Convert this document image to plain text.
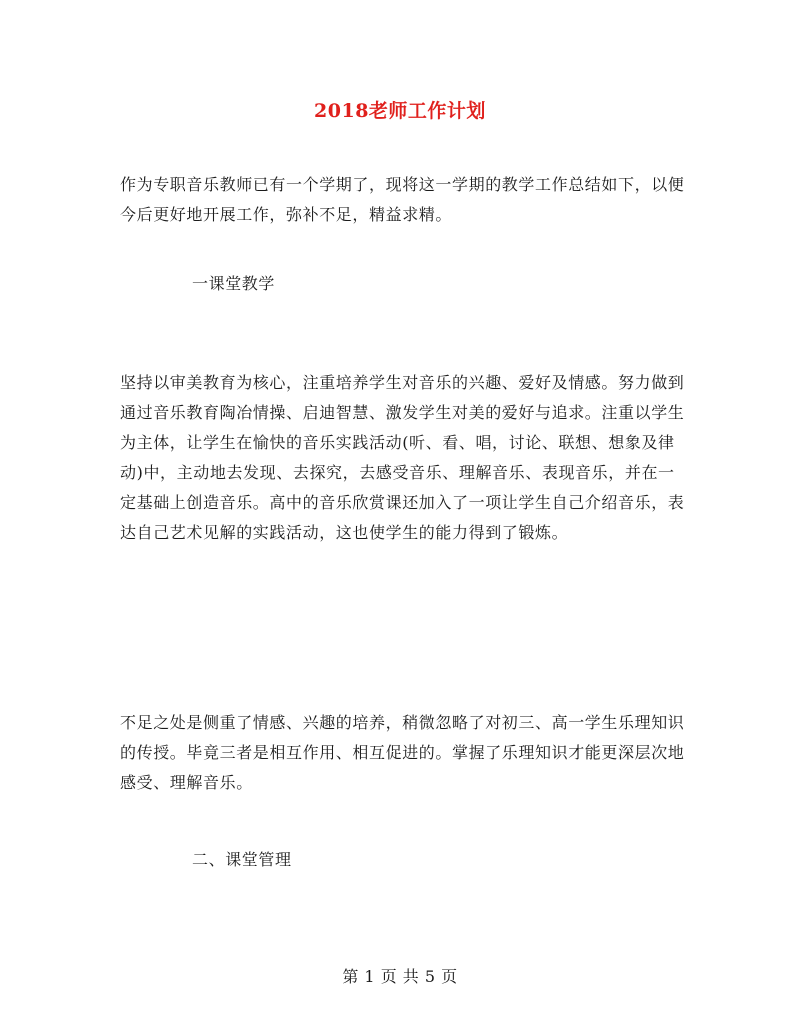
2018老师工作计划

作为专职音乐教师已有一个学期了，现将这一学期的教学工作总结如下，以便今后更好地开展工作，弥补不足，精益求精。

一课堂教学

坚持以审美教育为核心，注重培养学生对音乐的兴趣、爱好及情感。努力做到通过音乐教育陶冶情操、启迪智慧、激发学生对美的爱好与追求。注重以学生为主体，让学生在愉快的音乐实践活动(听、看、唱，讨论、联想、想象及律动)中，主动地去发现、去探究，去感受音乐、理解音乐、表现音乐，并在一定基础上创造音乐。高中的音乐欣赏课还加入了一项让学生自己介绍音乐，表达自己艺术见解的实践活动，这也使学生的能力得到了锻炼。

不足之处是侧重了情感、兴趣的培养，稍微忽略了对初三、高一学生乐理知识的传授。毕竟三者是相互作用、相互促进的。掌握了乐理知识才能更深层次地感受、理解音乐。

二、课堂管理

第 1 页 共 5 页
